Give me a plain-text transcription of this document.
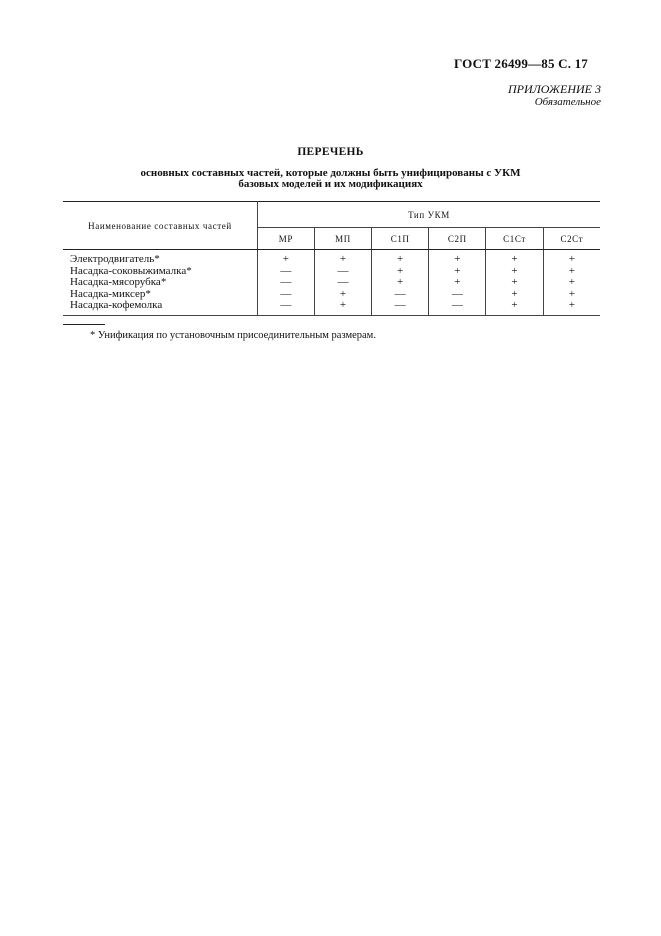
ГОСТ 26499—85 С. 17
ПРИЛОЖЕНИЕ 3
Обязательное
ПЕРЕЧЕНЬ
основных составных частей, которые должны быть унифицированы с УКМ
базовых моделей и их модификациях
Наименование составных частей	Тип УКМ					
	МР	МП	С1П	С2П	С1Ст	С2Ст
Электродвигатель*	+	+	+	+	+	+
Насадка-соковыжималка*	—	—	+	+	+	+
Насадка-мясорубка*	—	—	+	+	+	+
Насадка-миксер*	—	+	—	—	+	+
Насадка-кофемолка	—	+	—	—	+	+
* Унификация по установочным присоединительным размерам.
